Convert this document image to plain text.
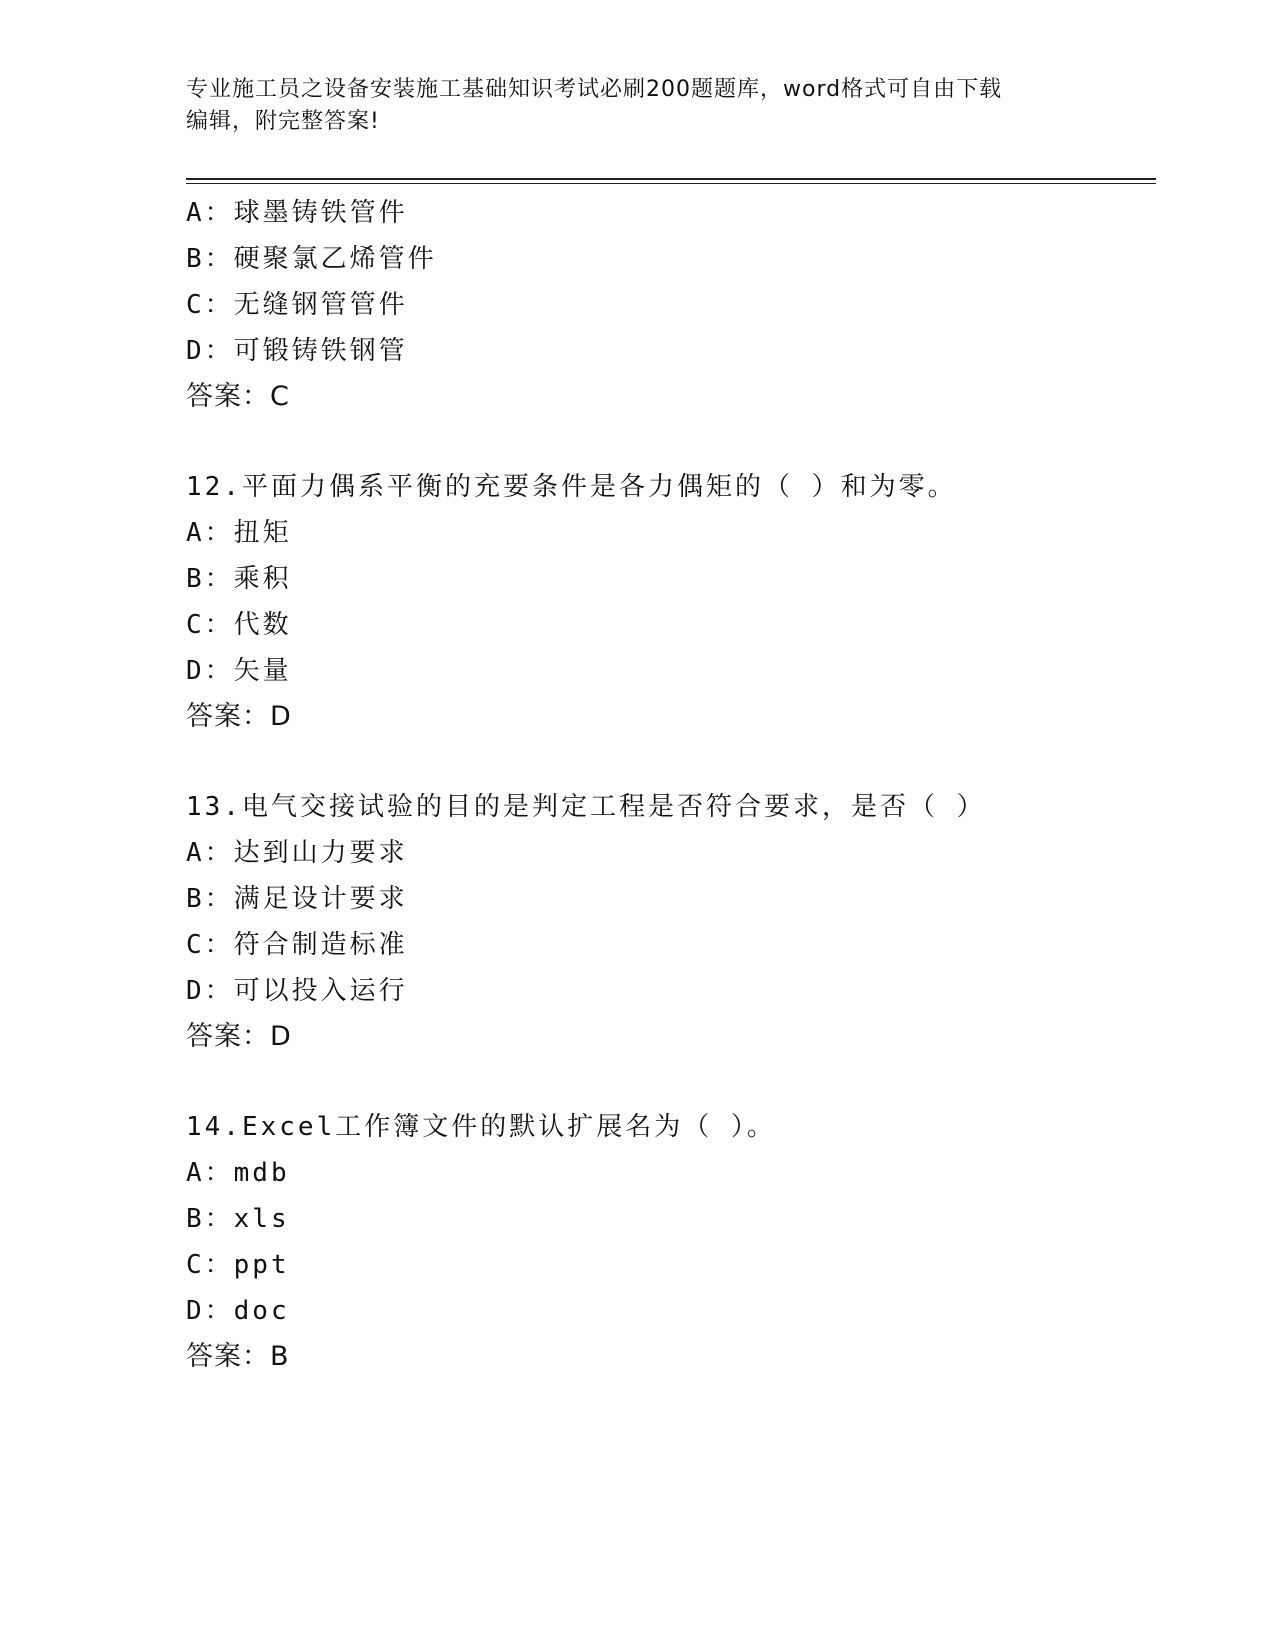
专业施工员之设备安装施工基础知识考试必刷200题题库，word格式可自由下载
编辑，附完整答案!
A：球墨铸铁管件
B：硬聚氯乙烯管件
C：无缝钢管管件
D：可锻铸铁钢管
答案：C
12.平面力偶系平衡的充要条件是各力偶矩的（ ）和为零。
A：扭矩
B：乘积
C：代数
D：矢量
答案：D
13.电气交接试验的目的是判定工程是否符合要求，是否（ ）
A：达到山力要求
B：满足设计要求
C：符合制造标准
D：可以投入运行
答案：D
14.Excel工作簿文件的默认扩展名为（ ）。
A：mdb
B：xls
C：ppt
D：doc
答案：B
